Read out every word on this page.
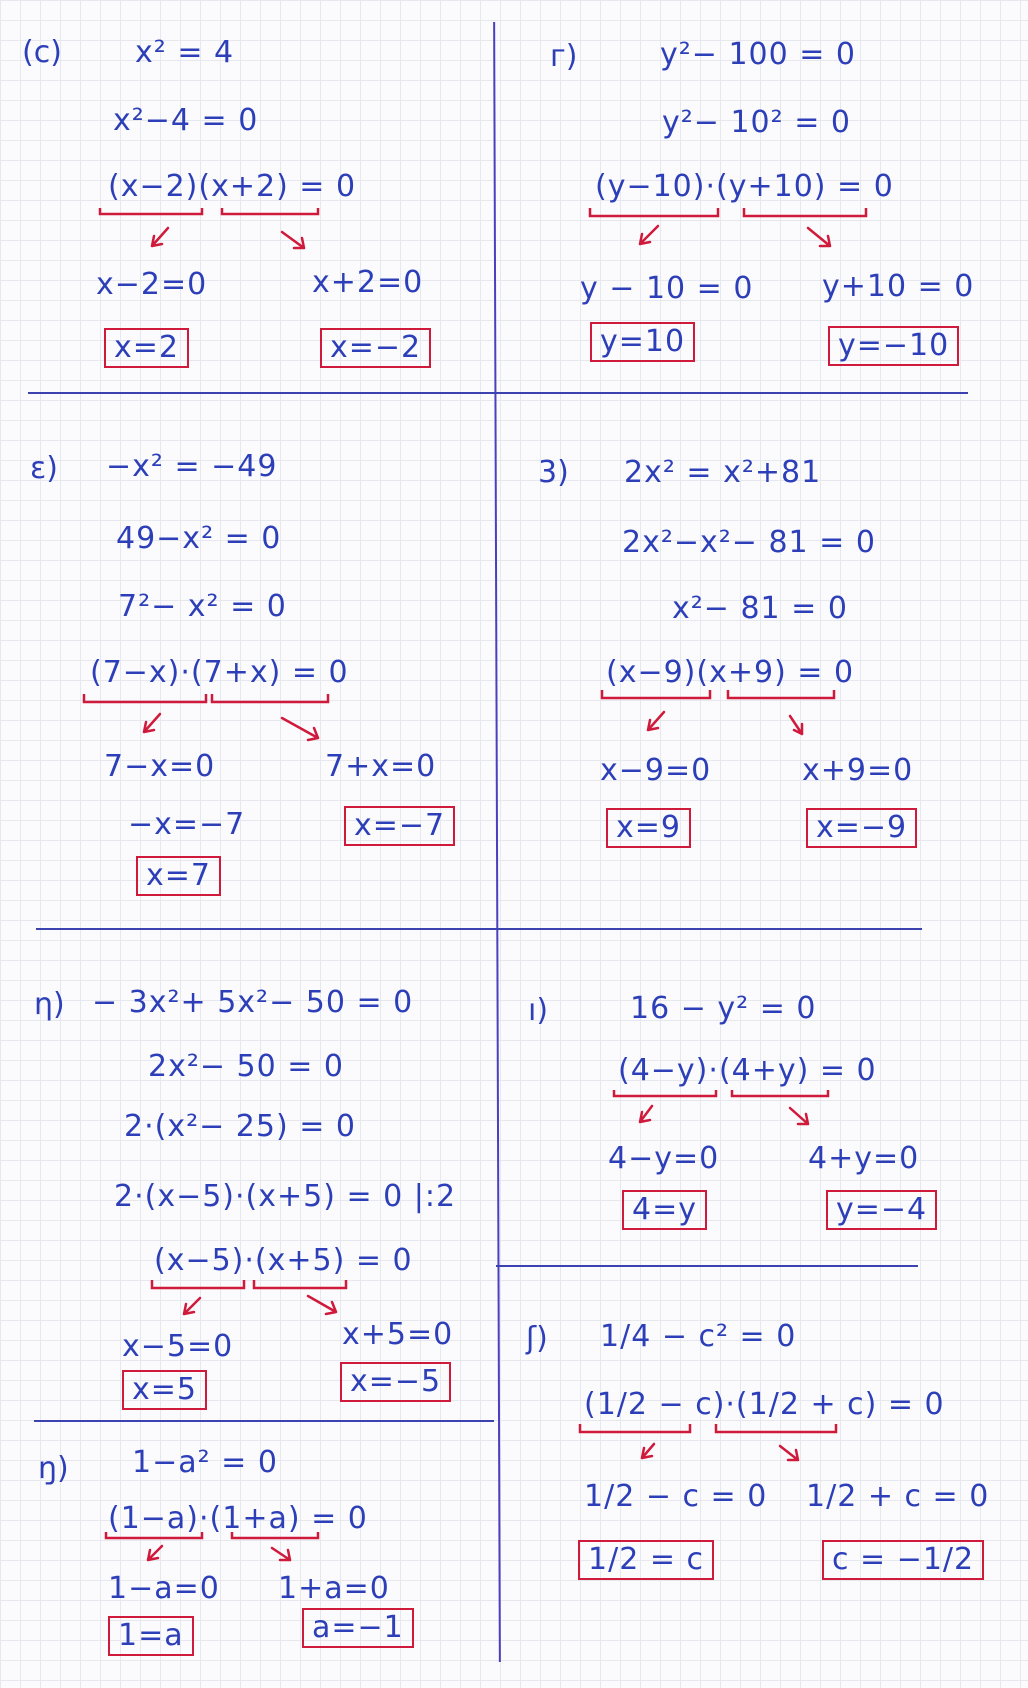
(c) x² = 4
x²−4 = 0
(x−2)(x+2) = 0
x−2=0	x+2=0
x=2	x=−2
г)	y²− 100 = 0
y²− 10² = 0
(y−10)·(y+10) = 0
y − 10 = 0 y+10 = 0
y=10	y=−10
ε) −x² = −49
49−x² = 0
7²− x² = 0
(7−x)·(7+x) = 0
7−x=0	7+x=0
−x=−7
x=7
x=−7
3) 2x² = x²+81
2x²−x²− 81 = 0
x²− 81 = 0
(x−9)(x+9) = 0
x−9=0	x+9=0
x=9	x=−9
η) − 3x²+ 5x²− 50 = 0
2x²− 50 = 0
2·(x²− 25) = 0
2·(x−5)·(x+5) = 0 |:2
(x−5)·(x+5) = 0
x−5=0	x+5=0
x=5	x=−5
ı)	16 − y² = 0
(4−y)·(4+y) = 0
4−y=0	4+y=0
4=y	y=−4
ʃ) 1/4 − c² = 0
(1/2 − c)·(1/2 + c) = 0
1/2 − c = 0 1/2 + c = 0
1/2 = c	c = −1/2
ŋ) 1−a² = 0
(1−a)·(1+a) = 0
1−a=0 1+a=0
1=a	a=−1
